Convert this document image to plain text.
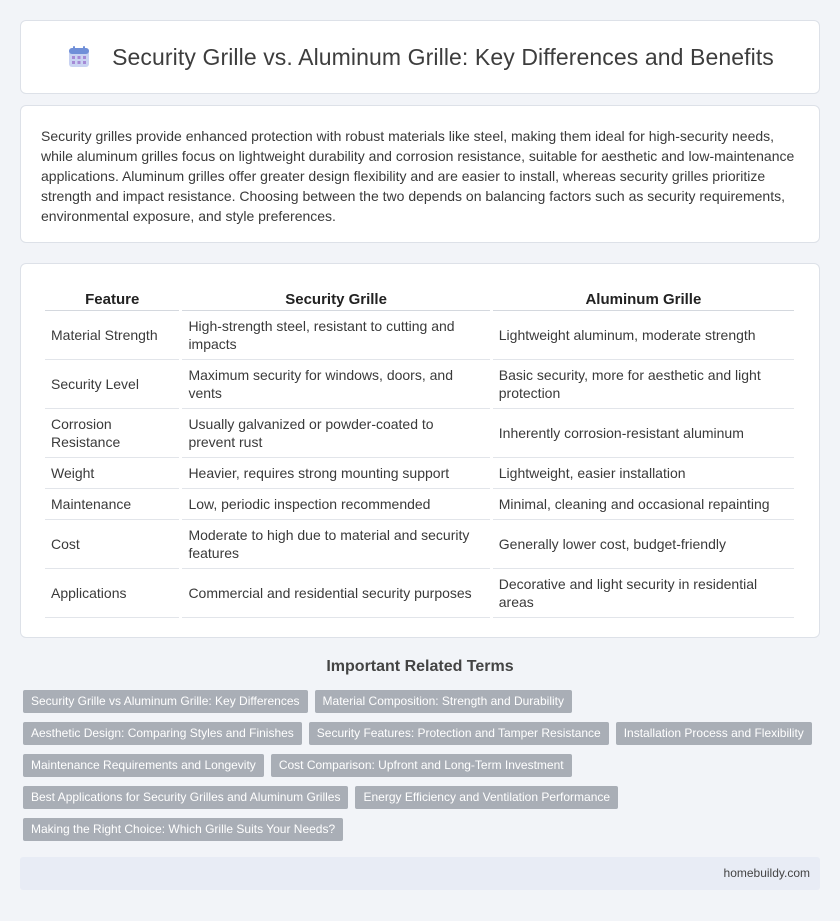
Security Grille vs. Aluminum Grille: Key Differences and Benefits

Security grilles provide enhanced protection with robust materials like steel, making them ideal for high-security needs, while aluminum grilles focus on lightweight durability and corrosion resistance, suitable for aesthetic and low-maintenance applications. Aluminum grilles offer greater design flexibility and are easier to install, whereas security grilles prioritize strength and impact resistance. Choosing between the two depends on balancing factors such as security requirements, environmental exposure, and style preferences.

Feature	Security Grille	Aluminum Grille
Material Strength	High-strength steel, resistant to cutting and impacts	Lightweight aluminum, moderate strength
Security Level	Maximum security for windows, doors, and vents	Basic security, more for aesthetic and light protection
Corrosion Resistance	Usually galvanized or powder-coated to prevent rust	Inherently corrosion-resistant aluminum
Weight	Heavier, requires strong mounting support	Lightweight, easier installation
Maintenance	Low, periodic inspection recommended	Minimal, cleaning and occasional repainting
Cost	Moderate to high due to material and security features	Generally lower cost, budget-friendly
Applications	Commercial and residential security purposes	Decorative and light security in residential areas
Important Related Terms
Security Grille vs Aluminum Grille: Key Differences	Material Composition: Strength and Durability
Aesthetic Design: Comparing Styles and Finishes	Security Features: Protection and Tamper Resistance	Installation Process and Flexibility
Maintenance Requirements and Longevity	Cost Comparison: Upfront and Long-Term Investment
Best Applications for Security Grilles and Aluminum Grilles	Energy Efficiency and Ventilation Performance
Making the Right Choice: Which Grille Suits Your Needs?
homebuildy.com
